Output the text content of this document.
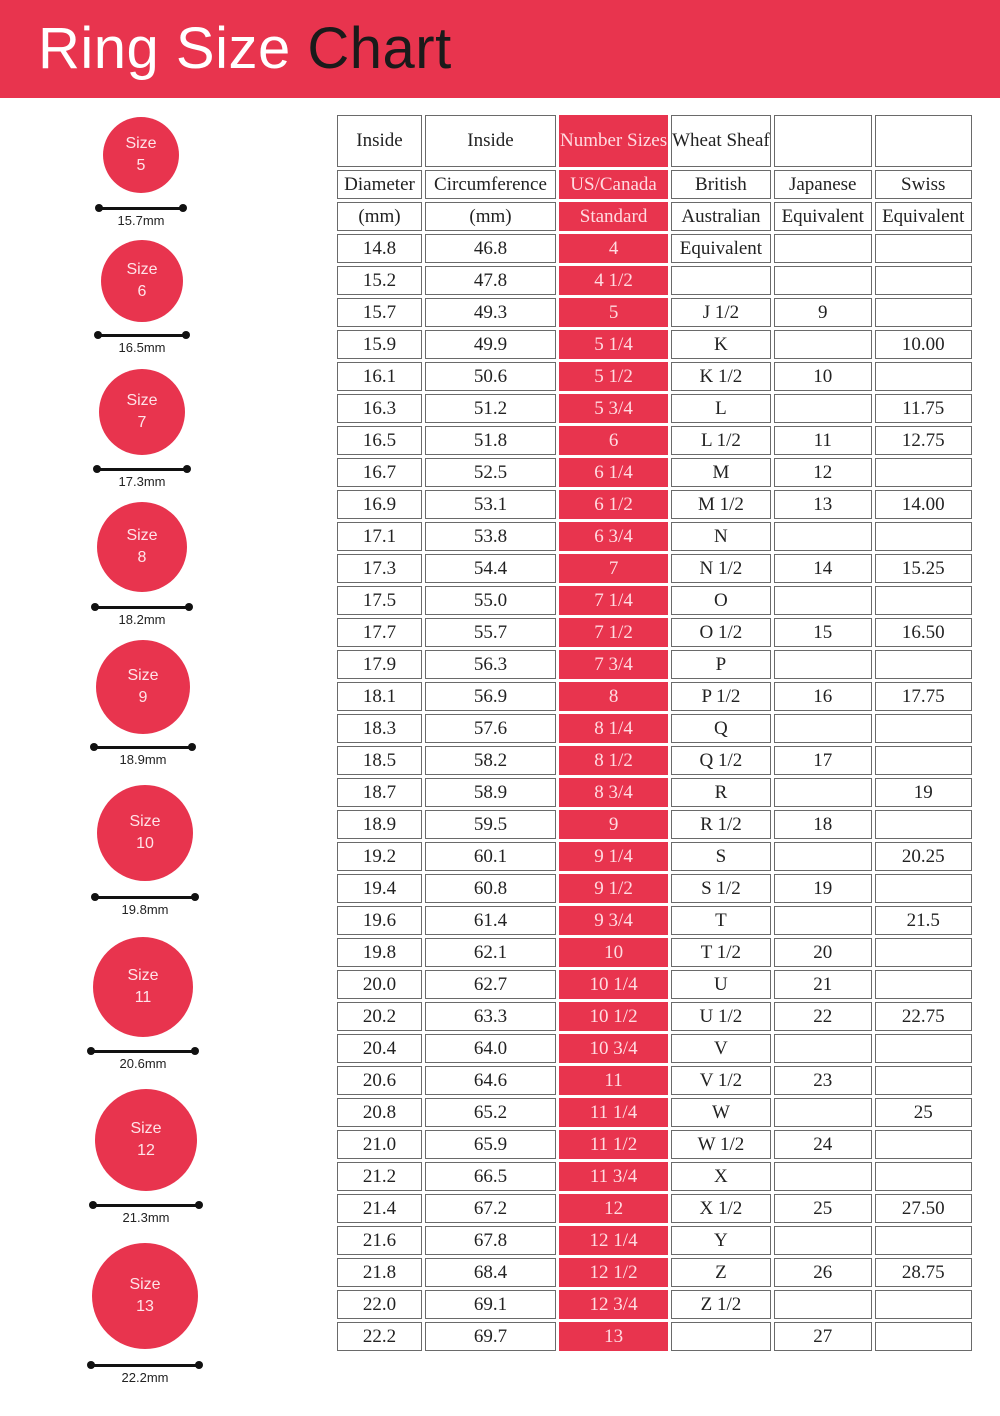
Ring Size Chart
Size
5
15.7mm
Size
6
16.5mm
Size
7
17.3mm
Size
8
18.2mm
Size
9
18.9mm
Size
10
19.8mm
Size
11
20.6mm
Size
12
21.3mm
Size
13
22.2mm
Inside	Inside	Number Sizes	Wheat Sheaf		
Diameter	Circumference	US/Canada	British	Japanese	Swiss
(mm)	(mm)	Standard	Australian	Equivalent	Equivalent
14.8	46.8	4	Equivalent		
15.2	47.8	4 1/2			
15.7	49.3	5	J 1/2	9	
15.9	49.9	5 1/4	K		10.00
16.1	50.6	5 1/2	K 1/2	10	
16.3	51.2	5 3/4	L		11.75
16.5	51.8	6	L 1/2	11	12.75
16.7	52.5	6 1/4	M	12	
16.9	53.1	6 1/2	M 1/2	13	14.00
17.1	53.8	6 3/4	N		
17.3	54.4	7	N 1/2	14	15.25
17.5	55.0	7 1/4	O		
17.7	55.7	7 1/2	O 1/2	15	16.50
17.9	56.3	7 3/4	P		
18.1	56.9	8	P 1/2	16	17.75
18.3	57.6	8 1/4	Q		
18.5	58.2	8 1/2	Q 1/2	17	
18.7	58.9	8 3/4	R		19
18.9	59.5	9	R 1/2	18	
19.2	60.1	9 1/4	S		20.25
19.4	60.8	9 1/2	S 1/2	19	
19.6	61.4	9 3/4	T		21.5
19.8	62.1	10	T 1/2	20	
20.0	62.7	10 1/4	U	21	
20.2	63.3	10 1/2	U 1/2	22	22.75
20.4	64.0	10 3/4	V		
20.6	64.6	11	V 1/2	23	
20.8	65.2	11 1/4	W		25
21.0	65.9	11 1/2	W 1/2	24	
21.2	66.5	11 3/4	X		
21.4	67.2	12	X 1/2	25	27.50
21.6	67.8	12 1/4	Y		
21.8	68.4	12 1/2	Z	26	28.75
22.0	69.1	12 3/4	Z 1/2		
22.2	69.7	13		27	
